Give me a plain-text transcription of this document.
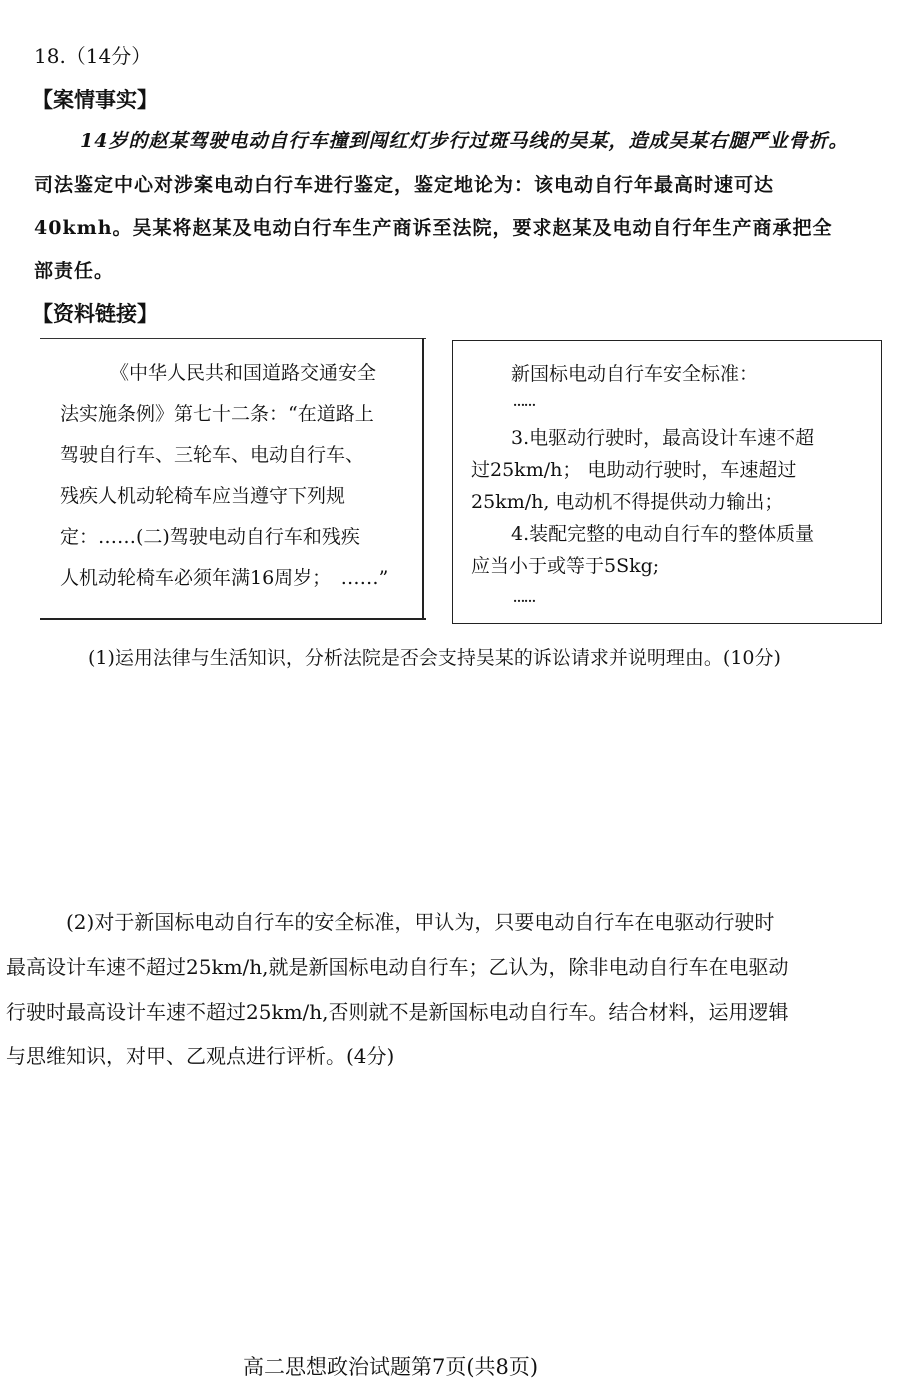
18.（14分）
【案情事实】
14岁的赵某驾驶电动自行车撞到闯红灯步行过斑马线的吴某，造成吴某右腿严业骨折。
司法鉴定中心对涉案电动白行车进行鉴定，鉴定地论为：该电动自行年最高时速可达
40kmh。吴某将赵某及电动白行车生产商诉至法院，要求赵某及电动自行年生产商承把全
部责任。
【资料链接】
《中华人民共和国道路交通安全
法实施条例》第七十二条：“在道路上
驾驶自行车、三轮车、电动自行车、
残疾人机动轮椅车应当遵守下列规
定：……(二)驾驶电动自行车和残疾
人机动轮椅车必须年满16周岁；　……”
新国标电动自行车安全标准：
……
3.电驱动行驶时，最高设计车速不超
过25km/h； 电助动行驶时，车速超过
25km/h, 电动机不得提供动力输出；
4.装配完整的电动自行车的整体质量
应当小于或等于5Skg;
……
(1)运用法律与生活知识，分析法院是否会支持吴某的诉讼请求并说明理由。(10分)
(2)对于新国标电动自行车的安全标准，甲认为，只要电动自行车在电驱动行驶时
最高设计车速不超过25km/h,就是新国标电动自行车；乙认为，除非电动自行车在电驱动
行驶时最高设计车速不超过25km/h,否则就不是新国标电动自行车。结合材料，运用逻辑
与思维知识，对甲、乙观点进行评析。(4分)
高二思想政治试题第7页(共8页)
